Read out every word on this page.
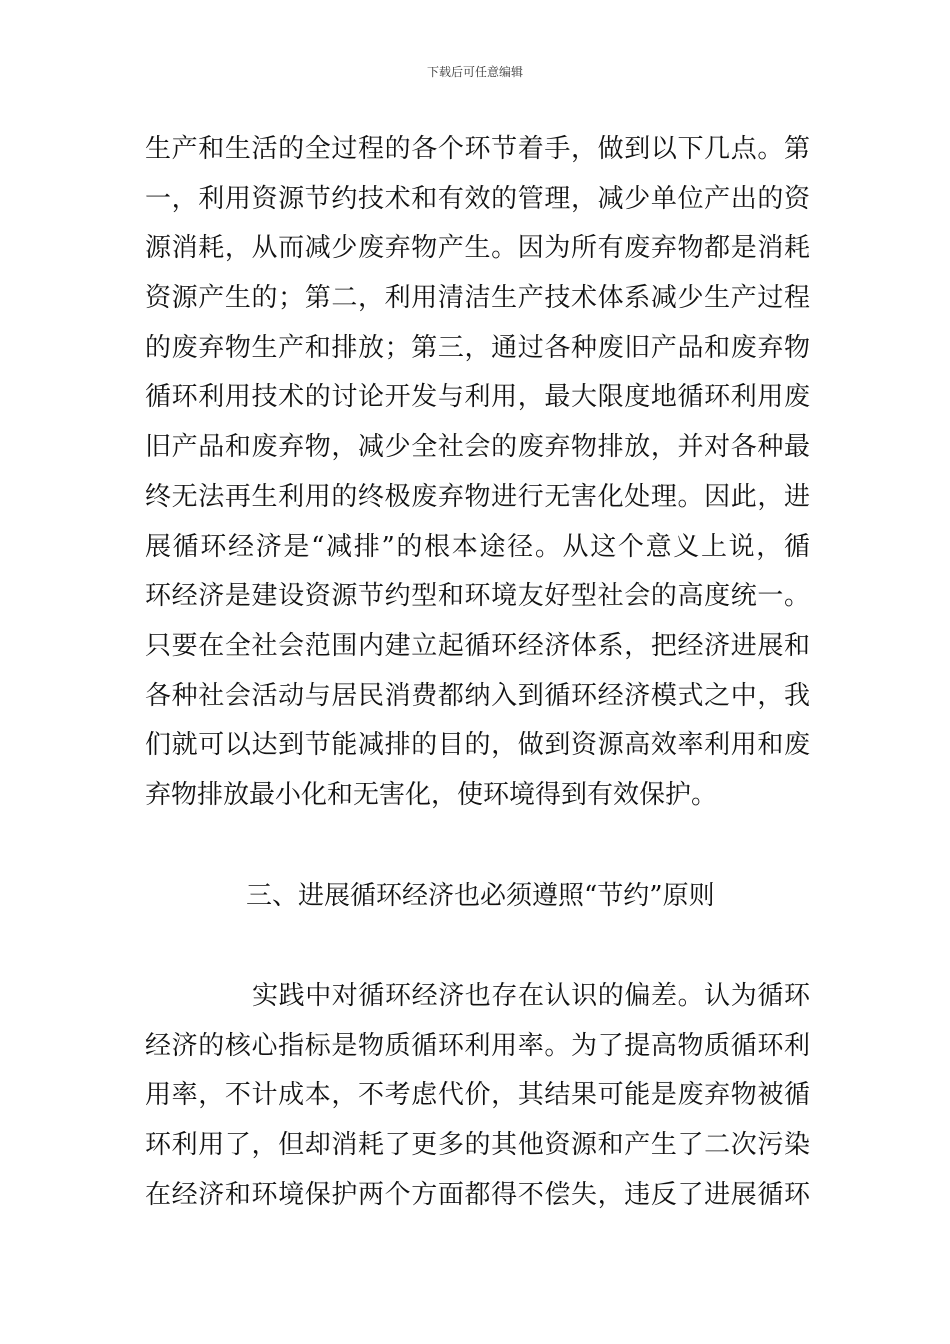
下载后可任意编辑
生产和生活的全过程的各个环节着手，做到以下几点。第
一，利用资源节约技术和有效的管理，减少单位产出的资
源消耗，从而减少废弃物产生。因为所有废弃物都是消耗
资源产生的；第二，利用清洁生产技术体系减少生产过程
的废弃物生产和排放；第三，通过各种废旧产品和废弃物
循环利用技术的讨论开发与利用，最大限度地循环利用废
旧产品和废弃物，减少全社会的废弃物排放，并对各种最
终无法再生利用的终极废弃物进行无害化处理。因此，进
展循环经济是“减排”的根本途径。从这个意义上说，循
环经济是建设资源节约型和环境友好型社会的高度统一。
只要在全社会范围内建立起循环经济体系，把经济进展和
各种社会活动与居民消费都纳入到循环经济模式之中，我
们就可以达到节能减排的目的，做到资源高效率利用和废
弃物排放最小化和无害化，使环境得到有效保护。
三、进展循环经济也必须遵照“节约”原则
实践中对循环经济也存在认识的偏差。认为循环
经济的核心指标是物质循环利用率。为了提高物质循环利
用率，不计成本，不考虑代价，其结果可能是废弃物被循
环利用了，但却消耗了更多的其他资源和产生了二次污染
在经济和环境保护两个方面都得不偿失，违反了进展循环
